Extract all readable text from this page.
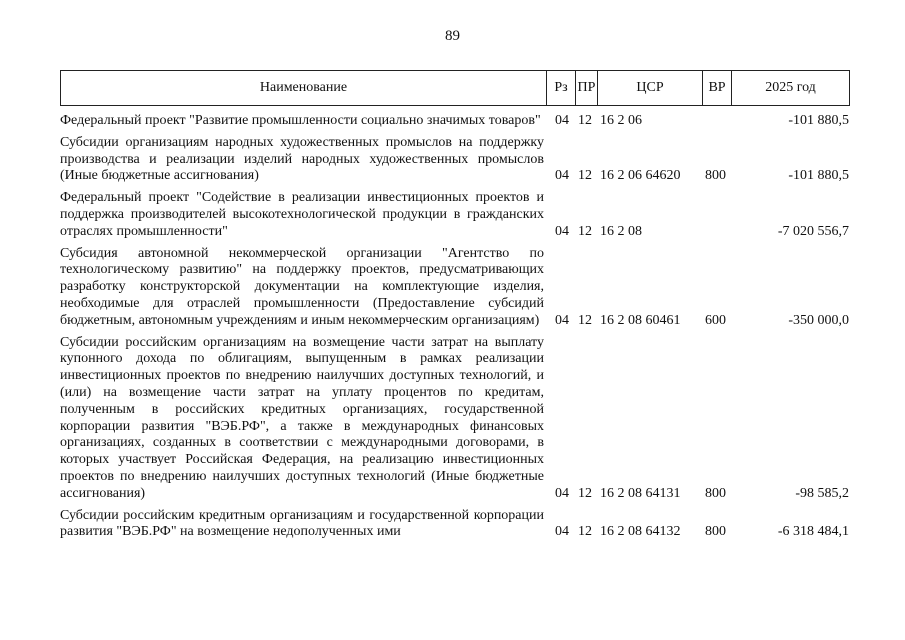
89
Наименование	Рз ПР	ЦСР	ВР	2025 год
Федеральный проект "Развитие промышленности социально значимых товаров"	04 12 16 2 06	-101 880,5
Субсидии организациям народных художественных промыслов на поддержку производства и реализации изделий народных художественных промыслов (Иные бюджетные ассигнования)	04 12 16 2 06 64620	800	-101 880,5
Федеральный проект "Содействие в реализации инвестиционных проектов и поддержка производителей высокотехнологической продукции в гражданских отраслях промышленности"	04 12 16 2 08	-7 020 556,7
Субсидия автономной некоммерческой организации "Агентство по технологическому развитию" на поддержку проектов, предусматривающих разработку конструкторской документации на комплектующие изделия, необходимые для отраслей промышленности (Предоставление субсидий бюджетным, автономным учреждениям и иным некоммерческим организациям)	04 12 16 2 08 60461	600	-350 000,0
Субсидии российским организациям на возмещение части затрат на выплату купонного дохода по облигациям, выпущенным в рамках реализации инвестиционных проектов по внедрению наилучших доступных технологий, и (или) на возмещение части затрат на уплату процентов по кредитам, полученным в российских кредитных организациях, государственной корпорации развития "ВЭБ.РФ", а также в международных финансовых организациях, созданных в соответствии с международными договорами, в которых участвует Российская Федерация, на реализацию инвестиционных проектов по внедрению наилучших доступных технологий (Иные бюджетные ассигнования)	04 12 16 2 08 64131	800	-98 585,2
Субсидии российским кредитным организациям и государственной корпорации развития "ВЭБ.РФ" на возмещение недополученных ими	04 12 16 2 08 64132	800	-6 318 484,1
